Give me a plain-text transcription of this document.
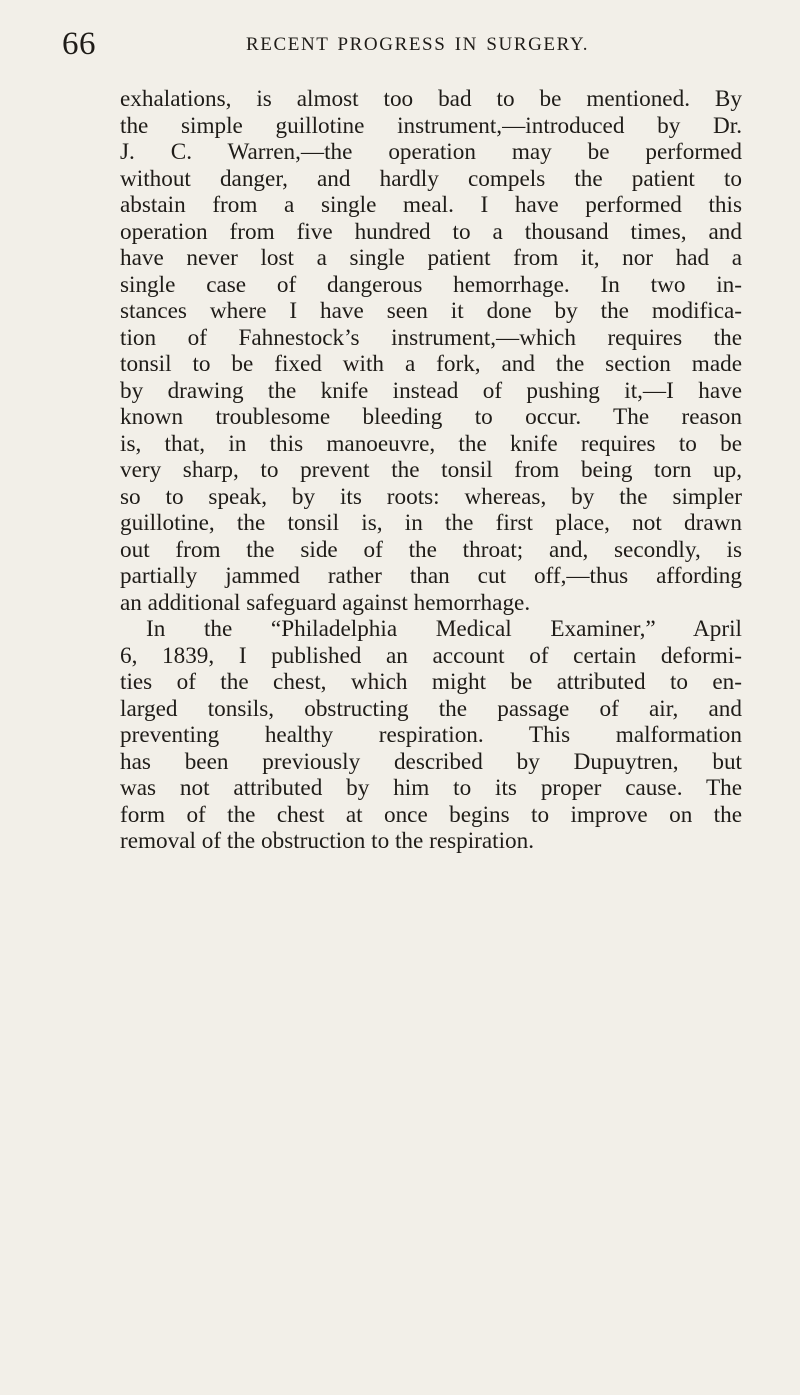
66	RECENT PROGRESS IN SURGERY.
exhalations, is almost too bad to be mentioned. By
the simple guillotine instrument,—introduced by Dr.
J. C. Warren,—the operation may be performed
without danger, and hardly compels the patient to
abstain from a single meal. I have performed this
operation from five hundred to a thousand times, and
have never lost a single patient from it, nor had a
single case of dangerous hemorrhage. In two in-
stances where I have seen it done by the modifica-
tion of Fahnestock’s instrument,—which requires the
tonsil to be fixed with a fork, and the section made
by drawing the knife instead of pushing it,—I have
known troublesome bleeding to occur. The reason
is, that, in this manoeuvre, the knife requires to be
very sharp, to prevent the tonsil from being torn up,
so to speak, by its roots: whereas, by the simpler
guillotine, the tonsil is, in the first place, not drawn
out from the side of the throat; and, secondly, is
partially jammed rather than cut off,—thus affording
an additional safeguard against hemorrhage.
In the “Philadelphia Medical Examiner,” April
6, 1839, I published an account of certain deformi-
ties of the chest, which might be attributed to en-
larged tonsils, obstructing the passage of air, and
preventing healthy respiration. This malformation
has been previously described by Dupuytren, but
was not attributed by him to its proper cause. The
form of the chest at once begins to improve on the
removal of the obstruction to the respiration.
